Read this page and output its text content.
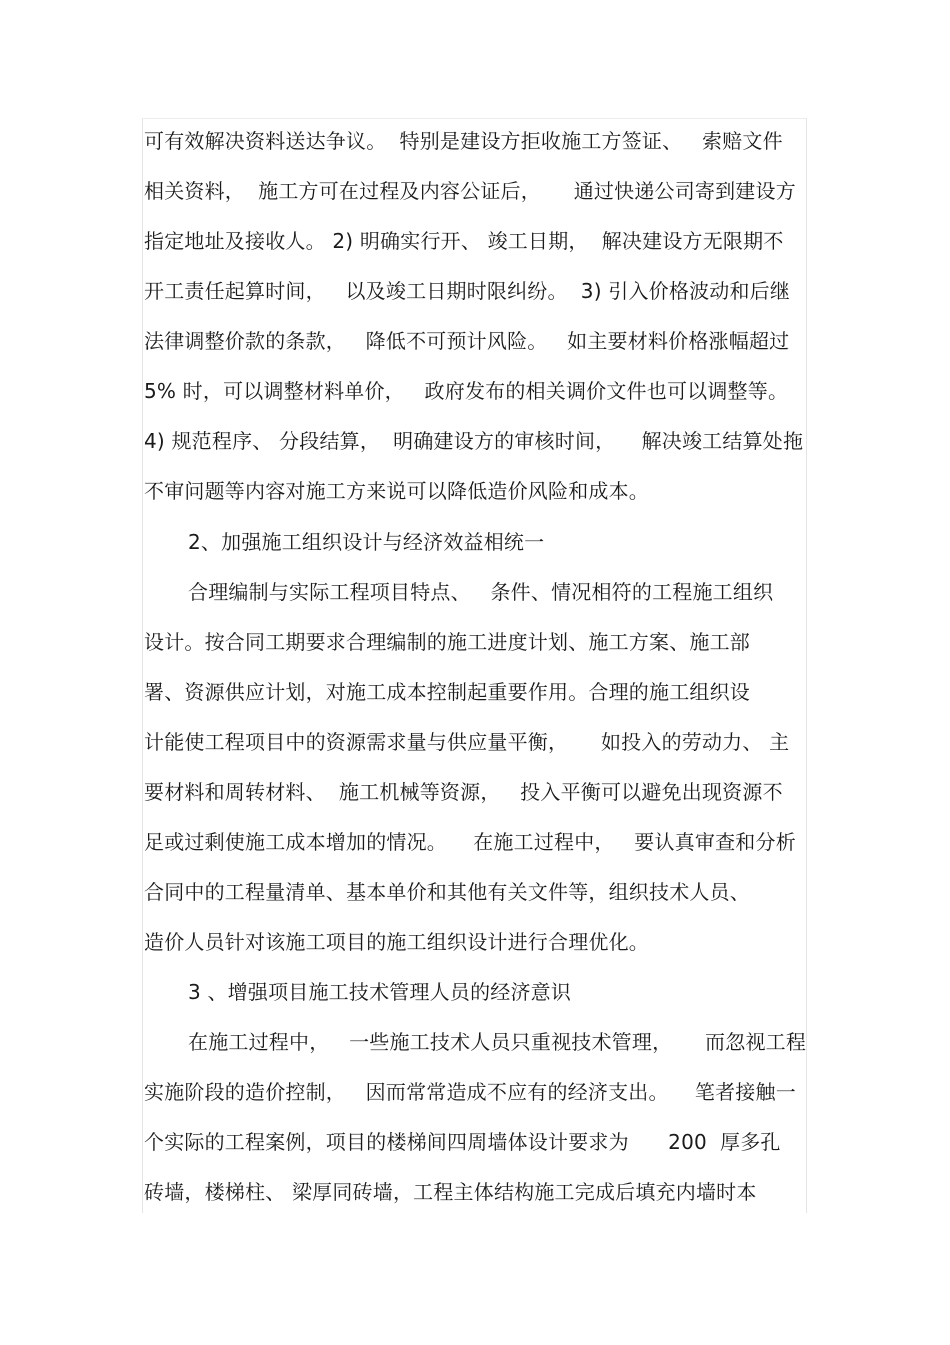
可有效解决资料送达争议。  特别是建设方拒收施工方签证、   索赔文件
相关资料，  施工方可在过程及内容公证后，     通过快递公司寄到建设方
指定地址及接收人。 2) 明确实行开、 竣工日期，  解决建设方无限期不
开工责任起算时间，   以及竣工日期时限纠纷。  3) 引入价格波动和后继
法律调整价款的条款，   降低不可预计风险。   如主要材料价格涨幅超过
5% 时，可以调整材料单价，   政府发布的相关调价文件也可以调整等。
4) 规范程序、 分段结算，  明确建设方的审核时间，    解决竣工结算处拖
不审问题等内容对施工方来说可以降低造价风险和成本。
2、加强施工组织设计与经济效益相统一
合理编制与实际工程项目特点、   条件、情况相符的工程施工组织
设计。按合同工期要求合理编制的施工进度计划、施工方案、施工部
署、资源供应计划，对施工成本控制起重要作用。合理的施工组织设
计能使工程项目中的资源需求量与供应量平衡，     如投入的劳动力、 主
要材料和周转材料、  施工机械等资源，   投入平衡可以避免出现资源不
足或过剩使施工成本增加的情况。    在施工过程中，   要认真审查和分析
合同中的工程量清单、基本单价和其他有关文件等，组织技术人员、
造价人员针对该施工项目的施工组织设计进行合理优化。
3 、增强项目施工技术管理人员的经济意识
在施工过程中，   一些施工技术人员只重视技术管理，     而忽视工程
实施阶段的造价控制，   因而常常造成不应有的经济支出。    笔者接触一
个实际的工程案例，项目的楼梯间四周墙体设计要求为      200  厚多孔
砖墙，楼梯柱、 梁厚同砖墙，工程主体结构施工完成后填充内墙时本
